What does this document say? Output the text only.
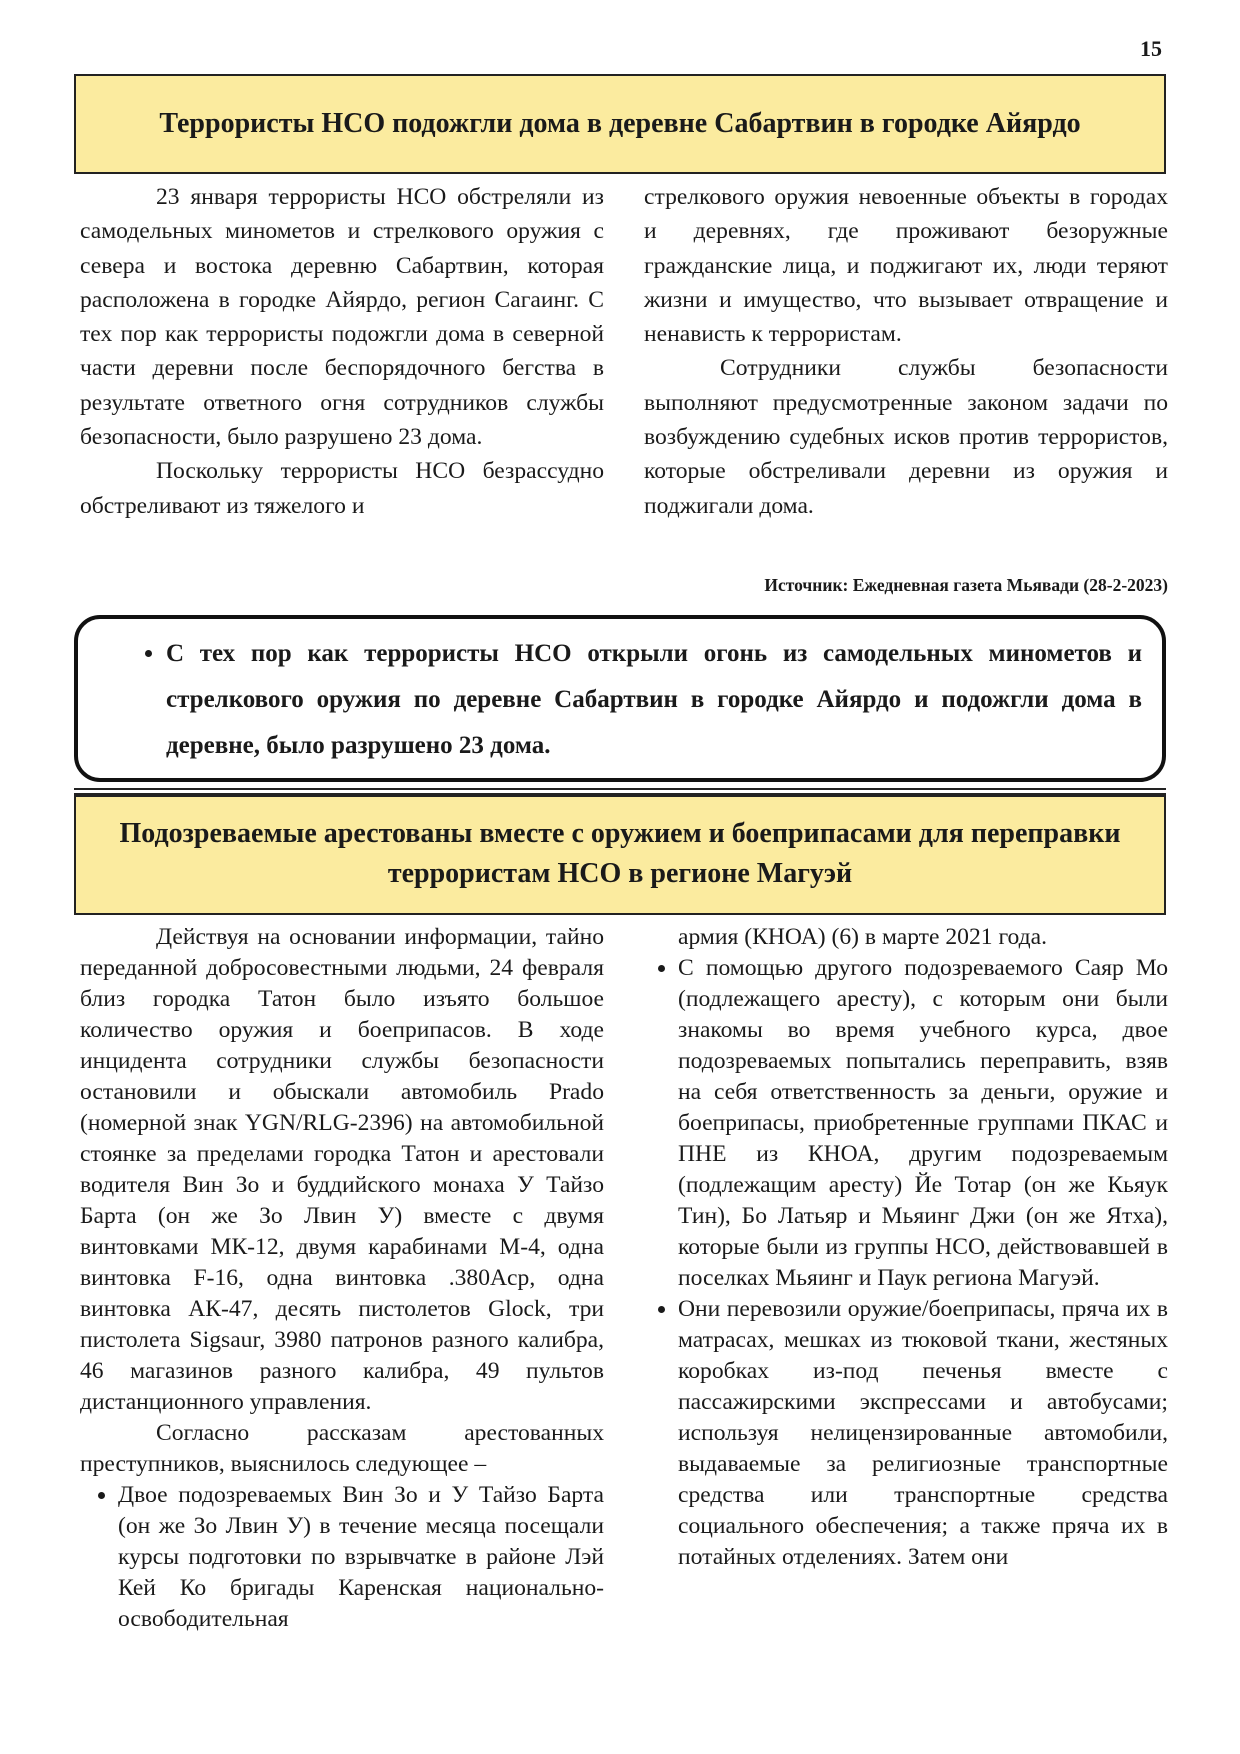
15
Террористы НСО подожгли дома в деревне Сабартвин в городке Айярдо

23 января террористы НСО обстреляли из самодельных минометов и стрелкового оружия с севера и востока деревню Сабартвин, которая расположена в городке Айярдо, регион Сагаинг. С тех пор как террористы подожгли дома в северной части деревни после беспорядочного бегства в результате ответного огня сотрудников службы безопасности, было разрушено 23 дома.

Поскольку террористы НСО безрассудно обстреливают из тяжелого и

стрелкового оружия невоенные объекты в городах и деревнях, где проживают безоружные гражданские лица, и поджигают их, люди теряют жизни и имущество, что вызывает отвращение и ненависть к террористам.

Сотрудники службы безопасности выполняют предусмотренные законом задачи по возбуждению судебных исков против террористов, которые обстреливали деревни из оружия и поджигали дома.

Источник: Ежедневная газета Мьявади (28-2-2023)
• С тех пор как террористы НСО открыли огонь из самодельных минометов и стрелкового оружия по деревне Сабартвин в городке Айярдо и подожгли дома в деревне, было разрушено 23 дома.
Подозреваемые арестованы вместе с оружием и боеприпасами для переправки террористам НСО в регионе Магуэй

Действуя на основании информации, тайно переданной добросовестными людьми, 24 февраля близ городка Татон было изъято большое количество оружия и боеприпасов. В ходе инцидента сотрудники службы безопасности остановили и обыскали автомобиль Prado (номерной знак YGN/RLG-2396) на автомобильной стоянке за пределами городка Татон и арестовали водителя Вин Зо и буддийского монаха У Тайзо Барта (он же Зо Лвин У) вместе с двумя винтовками МК-12, двумя карабинами М-4, одна винтовка F-16, одна винтовка .380Acp, одна винтовка АК-47, десять пистолетов Glock, три пистолета Sigsaur, 3980 патронов разного калибра, 46 магазинов разного калибра, 49 пультов дистанционного управления.

Согласно рассказам арестованных преступников, выяснилось следующее –

• Двое подозреваемых Вин Зо и У Тайзо Барта (он же Зо Лвин У) в течение месяца посещали курсы подготовки по взрывчатке в районе Лэй Кей Ко бригады Каренская национально-освободительная
армия (КНОА) (6) в марте 2021 года.
• С помощью другого подозреваемого Саяр Мо (подлежащего аресту), с которым они были знакомы во время учебного курса, двое подозреваемых попытались переправить, взяв на себя ответственность за деньги, оружие и боеприпасы, приобретенные группами ПКАС и ПНЕ из КНОА, другим подозреваемым (подлежащим аресту) Йе Тотар (он же Кьяук Тин), Бо Латьяр и Мьяинг Джи (он же Ятха), которые были из группы НСО, действовавшей в поселках Мьяинг и Паук региона Магуэй.
• Они перевозили оружие/боеприпасы, пряча их в матрасах, мешках из тюковой ткани, жестяных коробках из-под печенья вместе с пассажирскими экспрессами и автобусами; используя нелицензированные автомобили, выдаваемые за религиозные транспортные средства или транспортные средства социального обеспечения; а также пряча их в потайных отделениях. Затем они
